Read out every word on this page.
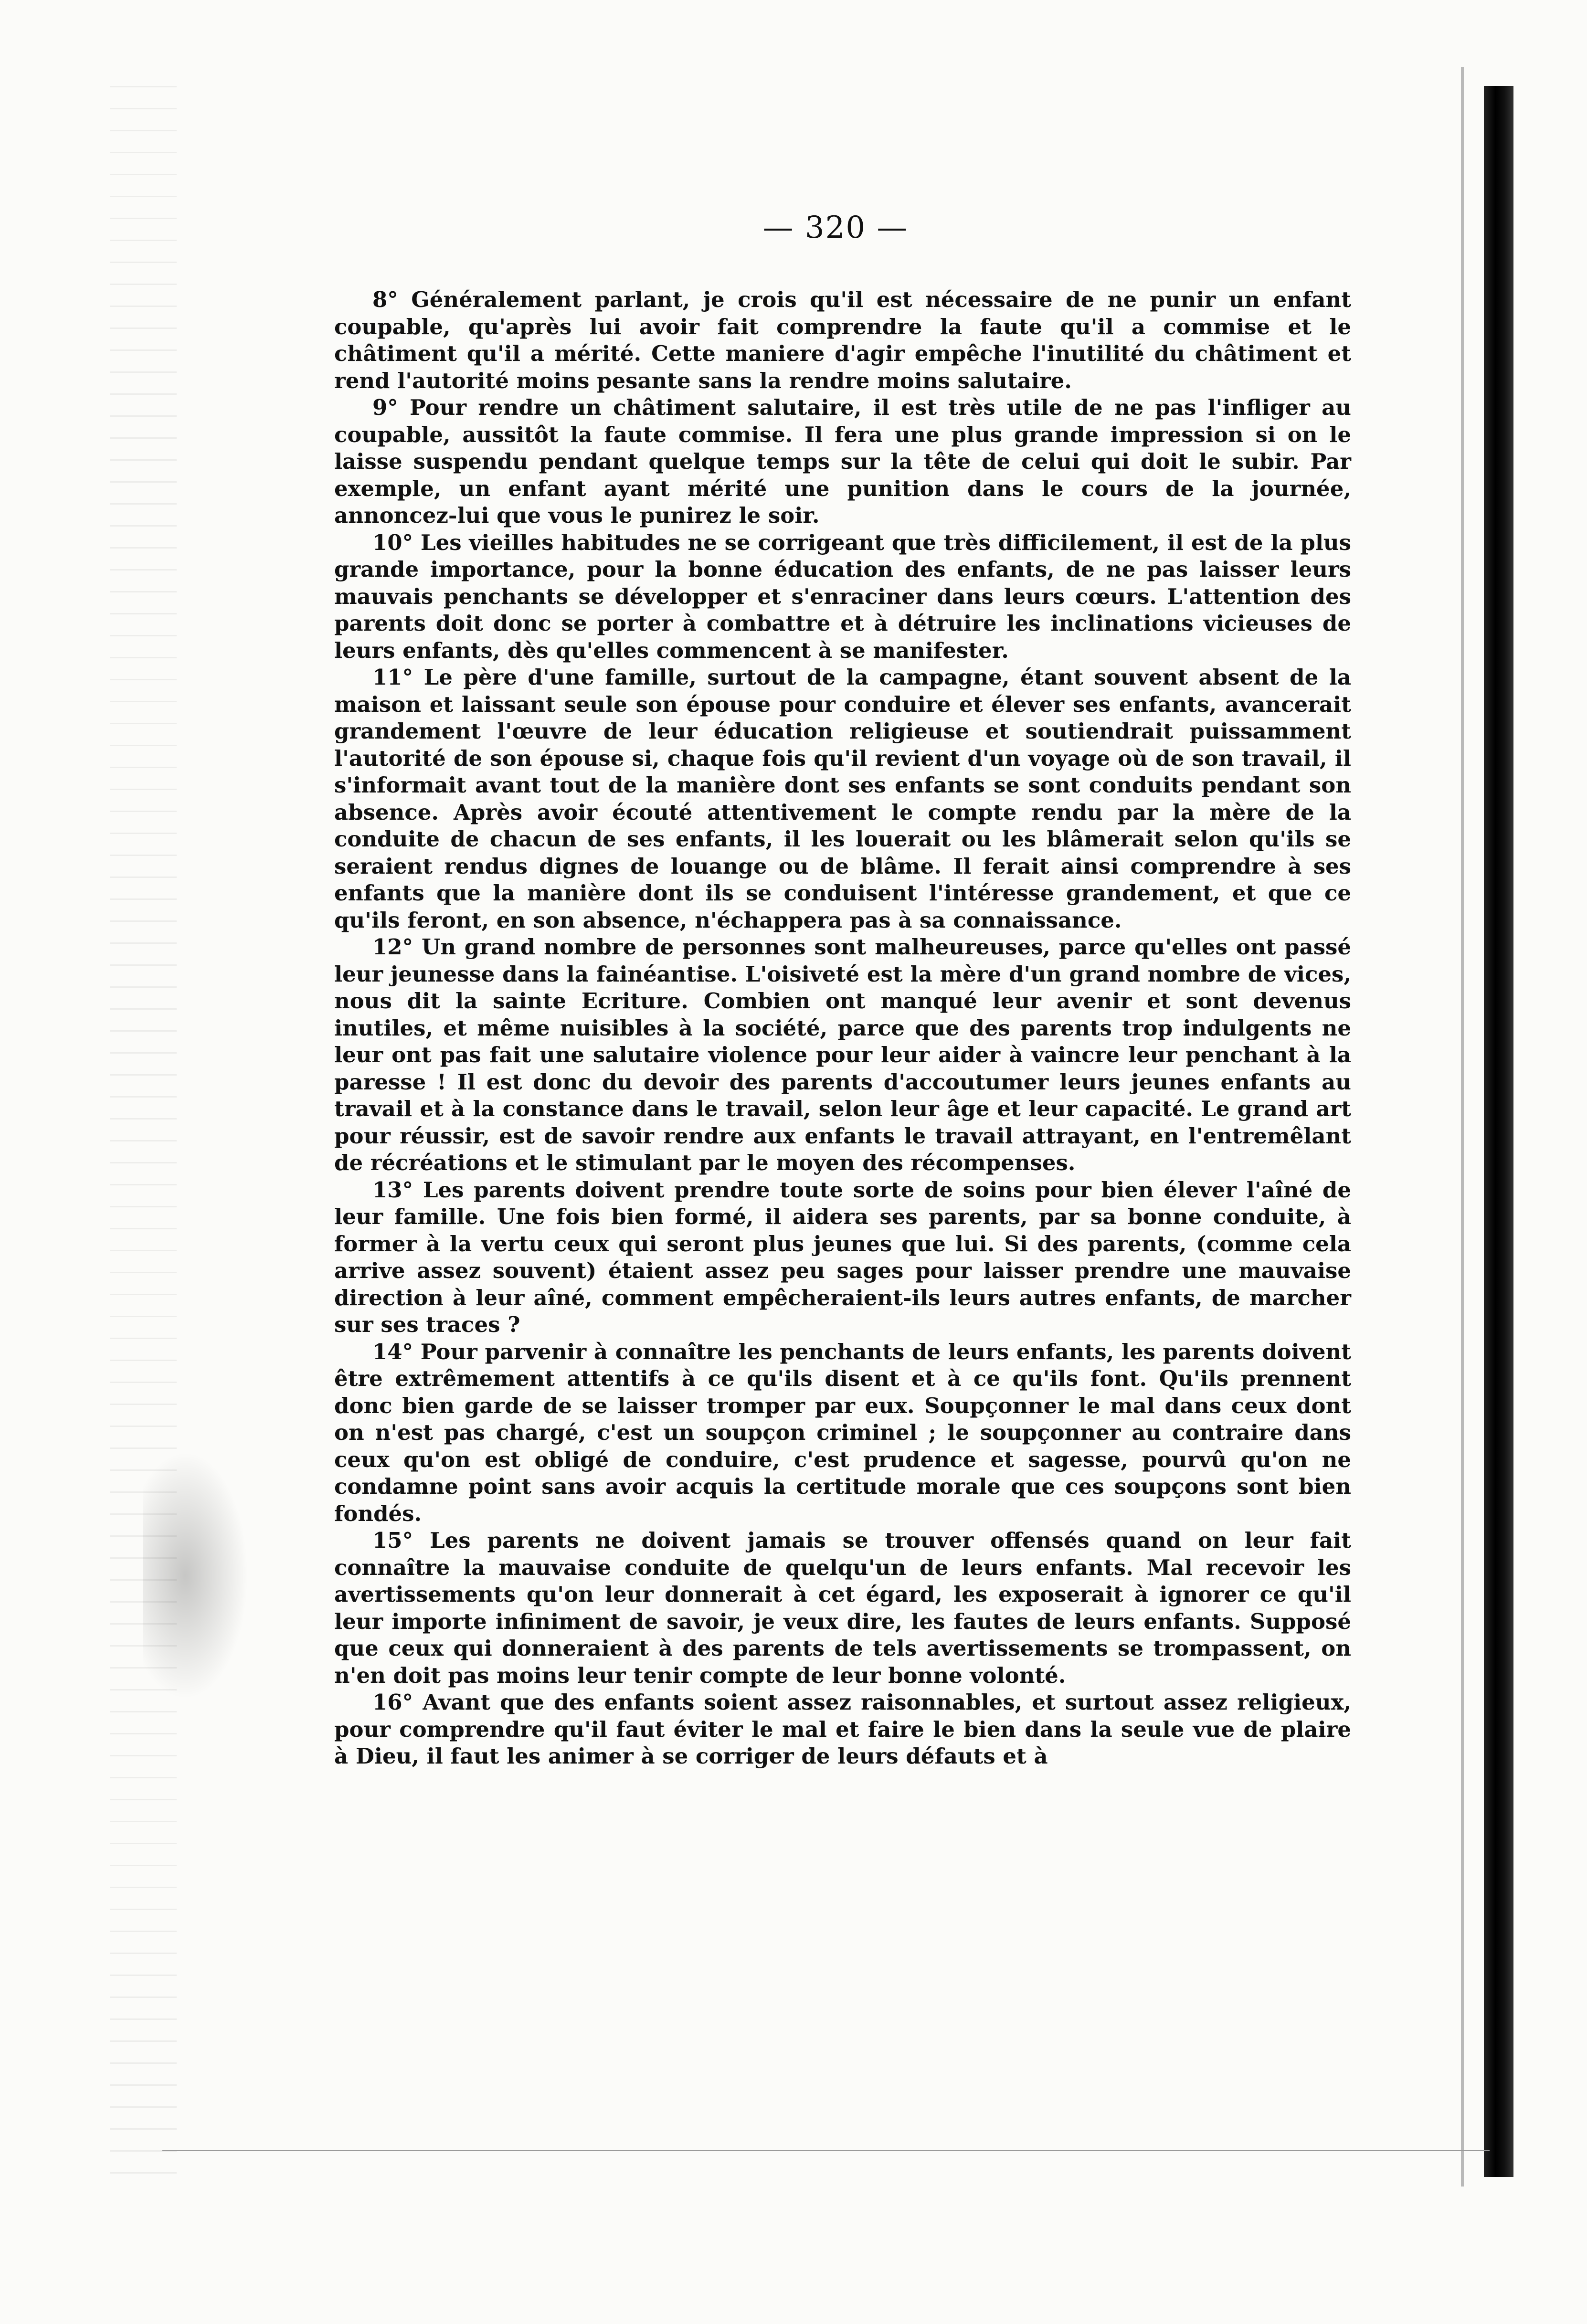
— 320 —

8° Généralement parlant, je crois qu'il est nécessaire de ne punir un enfant coupable, qu'après lui avoir fait comprendre la faute qu'il a commise et le châtiment qu'il a mérité. Cette maniere d'agir empêche l'inutilité du châtiment et rend l'autorité moins pesante sans la rendre moins salutaire.

9° Pour rendre un châtiment salutaire, il est très utile de ne pas l'infliger au coupable, aussitôt la faute commise. Il fera une plus grande impression si on le laisse suspendu pendant quelque temps sur la tête de celui qui doit le subir. Par exemple, un enfant ayant mérité une punition dans le cours de la journée, annoncez-lui que vous le punirez le soir.

10° Les vieilles habitudes ne se corrigeant que très difficilement, il est de la plus grande importance, pour la bonne éducation des enfants, de ne pas laisser leurs mauvais penchants se développer et s'enraciner dans leurs cœurs. L'attention des parents doit donc se porter à combattre et à détruire les inclinations vicieuses de leurs enfants, dès qu'elles commencent à se manifester.

11° Le père d'une famille, surtout de la campagne, étant souvent absent de la maison et laissant seule son épouse pour conduire et élever ses enfants, avancerait grandement l'œuvre de leur éducation religieuse et soutiendrait puissamment l'autorité de son épouse si, chaque fois qu'il revient d'un voyage où de son travail, il s'informait avant tout de la manière dont ses enfants se sont conduits pendant son absence. Après avoir écouté attentivement le compte rendu par la mère de la conduite de chacun de ses enfants, il les louerait ou les blâmerait selon qu'ils se seraient rendus dignes de louange ou de blâme. Il ferait ainsi comprendre à ses enfants que la manière dont ils se conduisent l'intéresse grandement, et que ce qu'ils feront, en son absence, n'échappera pas à sa connaissance.

12° Un grand nombre de personnes sont malheureuses, parce qu'elles ont passé leur jeunesse dans la fainéantise. L'oisiveté est la mère d'un grand nombre de vices, nous dit la sainte Ecriture. Combien ont manqué leur avenir et sont devenus inutiles, et même nuisibles à la société, parce que des parents trop indulgents ne leur ont pas fait une salutaire violence pour leur aider à vaincre leur penchant à la paresse ! Il est donc du devoir des parents d'accoutumer leurs jeunes enfants au travail et à la constance dans le travail, selon leur âge et leur capacité. Le grand art pour réussir, est de savoir rendre aux enfants le travail attrayant, en l'entremêlant de récréations et le stimulant par le moyen des récompenses.

13° Les parents doivent prendre toute sorte de soins pour bien élever l'aîné de leur famille. Une fois bien formé, il aidera ses parents, par sa bonne conduite, à former à la vertu ceux qui seront plus jeunes que lui. Si des parents, (comme cela arrive assez souvent) étaient assez peu sages pour laisser prendre une mauvaise direction à leur aîné, comment empêcheraient-ils leurs autres enfants, de marcher sur ses traces ?

14° Pour parvenir à connaître les penchants de leurs enfants, les parents doivent être extrêmement attentifs à ce qu'ils disent et à ce qu'ils font. Qu'ils prennent donc bien garde de se laisser tromper par eux. Soupçonner le mal dans ceux dont on n'est pas chargé, c'est un soupçon criminel ; le soupçonner au contraire dans ceux qu'on est obligé de conduire, c'est prudence et sagesse, pourvû qu'on ne condamne point sans avoir acquis la certitude morale que ces soupçons sont bien fondés.

15° Les parents ne doivent jamais se trouver offensés quand on leur fait connaître la mauvaise conduite de quelqu'un de leurs enfants. Mal recevoir les avertissements qu'on leur donnerait à cet égard, les exposerait à ignorer ce qu'il leur importe infiniment de savoir, je veux dire, les fautes de leurs enfants. Supposé que ceux qui donneraient à des parents de tels avertissements se trompassent, on n'en doit pas moins leur tenir compte de leur bonne volonté.

16° Avant que des enfants soient assez raisonnables, et surtout assez religieux, pour comprendre qu'il faut éviter le mal et faire le bien dans la seule vue de plaire à Dieu, il faut les animer à se corriger de leurs défauts et à
